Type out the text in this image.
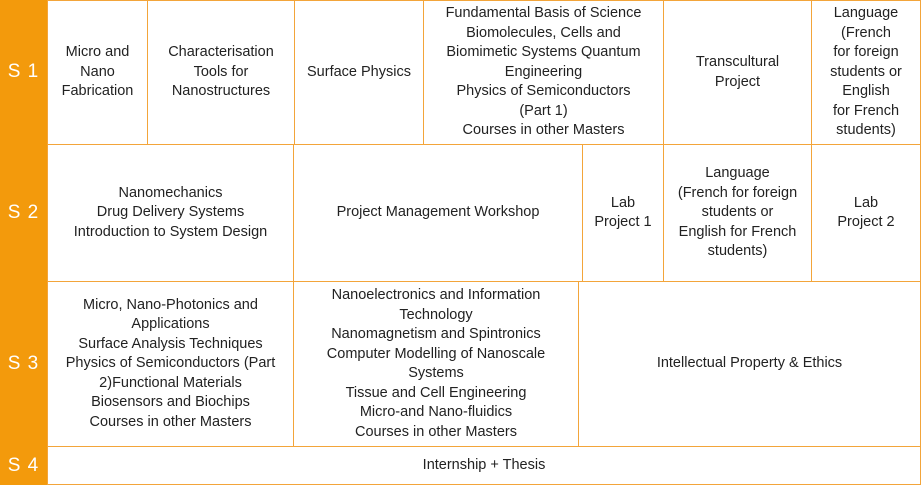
S 1
S 2
S 3
S 4
Micro and
Nano
Fabrication
Characterisation
Tools for
Nanostructures
Surface Physics
Fundamental Basis of Science
Biomolecules, Cells and
Biomimetic Systems Quantum
Engineering
Physics of Semiconductors
(Part 1)
Courses in other Masters
Transcultural
Project
Language
(French
for foreign
students or
English
for French
students)
Nanomechanics
Drug Delivery Systems
Introduction to System Design
Project Management Workshop
Lab
Project 1
Language
(French for foreign
students or
English for French
students)
Lab
Project 2
Micro, Nano-Photonics and
Applications
Surface Analysis Techniques
Physics of Semiconductors (Part
2)Functional Materials
Biosensors and Biochips
Courses in other Masters
Nanoelectronics and Information
Technology
Nanomagnetism and Spintronics
Computer Modelling of Nanoscale
Systems
Tissue and Cell Engineering
Micro-and Nano-fluidics
Courses in other Masters
Intellectual Property & Ethics
Internship + Thesis
